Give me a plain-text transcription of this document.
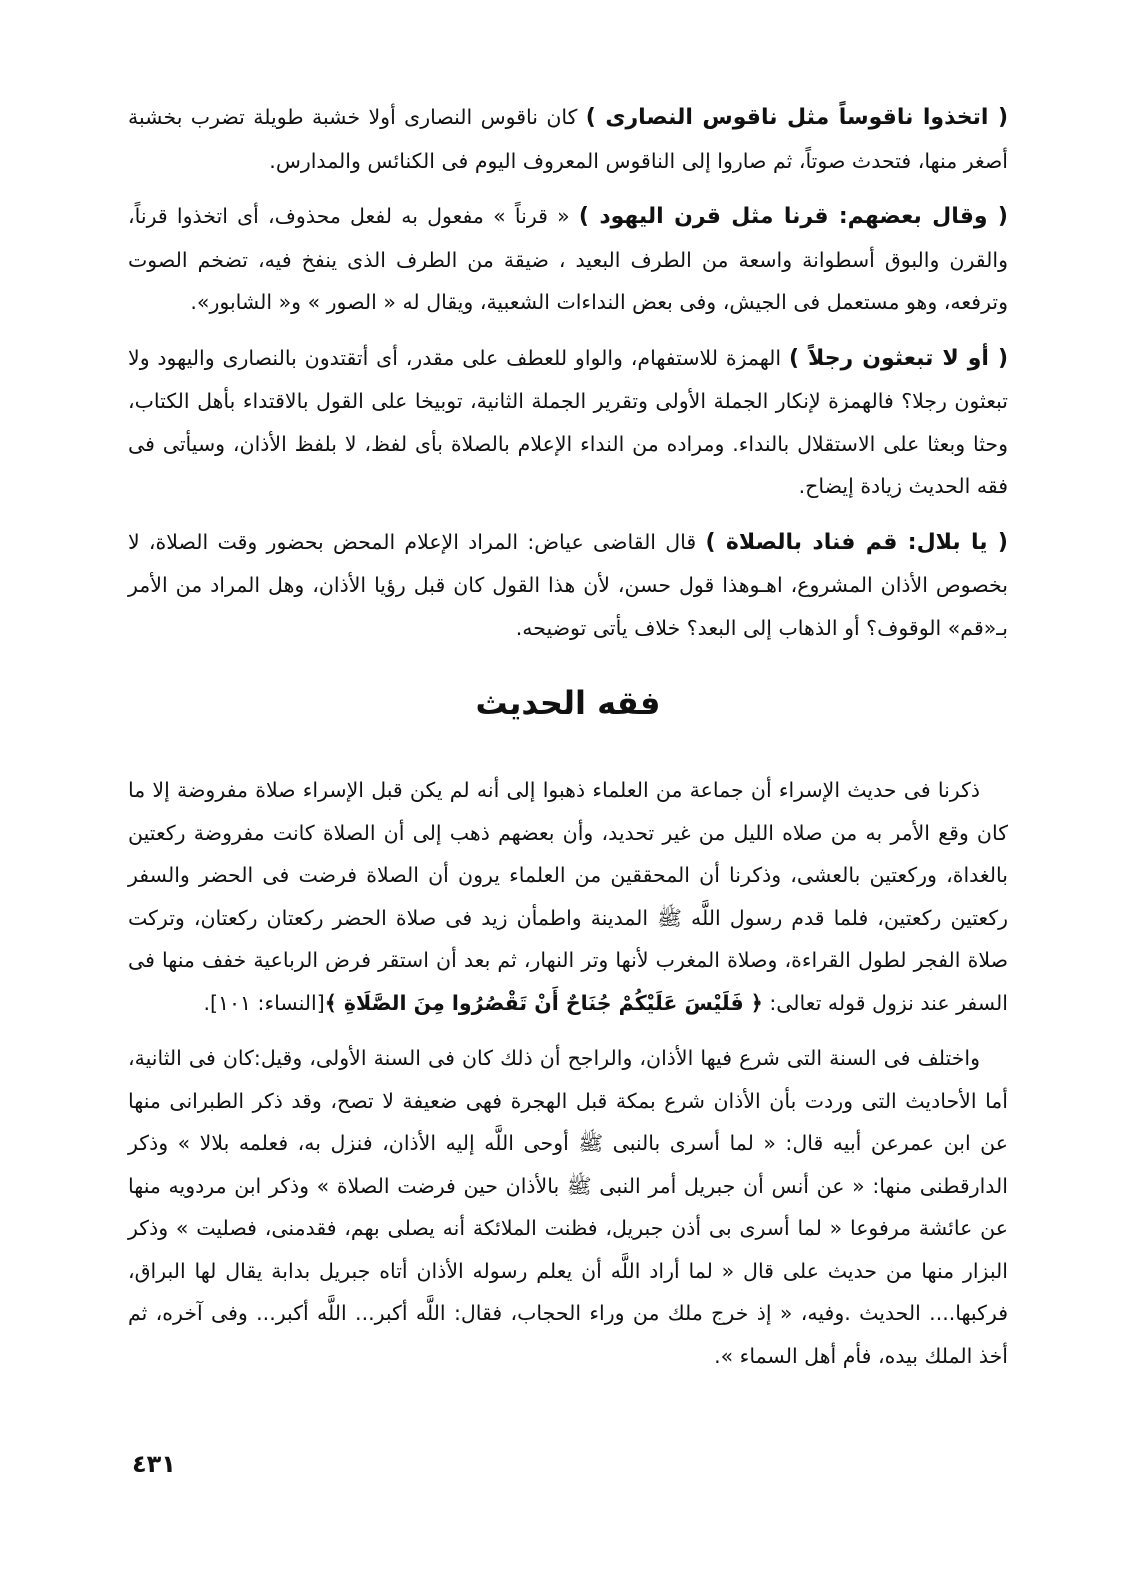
( اتخذوا ناقوساً مثل ناقوس النصارى ) كان ناقوس النصارى أولا خشبة طويلة تضرب بخشبة أصغر منها، فتحدث صوتاً، ثم صاروا إلى الناقوس المعروف اليوم فى الكنائس والمدارس.

( وقال بعضهم: قرنا مثل قرن اليهود ) « قرناً » مفعول به لفعل محذوف، أى اتخذوا قرناً، والقرن والبوق أسطوانة واسعة من الطرف البعيد ، ضيقة من الطرف الذى ينفخ فيه، تضخم الصوت وترفعه، وهو مستعمل فى الجيش، وفى بعض النداءات الشعبية، ويقال له « الصور » و« الشابور».

( أو لا تبعثون رجلاً ) الهمزة للاستفهام، والواو للعطف على مقدر، أى أتقتدون بالنصارى واليهود ولا تبعثون رجلا؟ فالهمزة لإنكار الجملة الأولى وتقرير الجملة الثانية، توبيخا على القول بالاقتداء بأهل الكتاب، وحثا وبعثا على الاستقلال بالنداء. ومراده من النداء الإعلام بالصلاة بأى لفظ، لا بلفظ الأذان، وسيأتى فى فقه الحديث زيادة إيضاح.

( يا بلال: قم فناد بالصلاة ) قال القاضى عياض: المراد الإعلام المحض بحضور وقت الصلاة، لا بخصوص الأذان المشروع، اهـوهذا قول حسن، لأن هذا القول كان قبل رؤيا الأذان، وهل المراد من الأمر بـ«قم» الوقوف؟ أو الذهاب إلى البعد؟ خلاف يأتى توضيحه.

فقه الحديث

ذكرنا فى حديث الإسراء أن جماعة من العلماء ذهبوا إلى أنه لم يكن قبل الإسراء صلاة مفروضة إلا ما كان وقع الأمر به من صلاه الليل من غير تحديد، وأن بعضهم ذهب إلى أن الصلاة كانت مفروضة ركعتين بالغداة، وركعتين بالعشى، وذكرنا أن المحققين من العلماء يرون أن الصلاة فرضت فى الحضر والسفر ركعتين ركعتين، فلما قدم رسول اللَّه ﷺ المدينة واطمأن زيد فى صلاة الحضر ركعتان ركعتان، وتركت صلاة الفجر لطول القراءة، وصلاة المغرب لأنها وتر النهار، ثم بعد أن استقر فرض الرباعية خفف منها فى السفر عند نزول قوله تعالى: ﴿ فَلَيْسَ عَلَيْكُمْ جُنَاحٌ أَنْ تَقْصُرُوا مِنَ الصَّلَاةِ ﴾[النساء: ١٠١].

واختلف فى السنة التى شرع فيها الأذان، والراجح أن ذلك كان فى السنة الأولى، وقيل:كان فى الثانية، أما الأحاديث التى وردت بأن الأذان شرع بمكة قبل الهجرة فهى ضعيفة لا تصح، وقد ذكر الطبرانى منها عن ابن عمرعن أبيه قال: « لما أسرى بالنبى ﷺ أوحى اللَّه إليه الأذان، فنزل به، فعلمه بلالا » وذكر الدارقطنى منها: « عن أنس أن جبريل أمر النبى ﷺ بالأذان حين فرضت الصلاة » وذكر ابن مردويه منها عن عائشة مرفوعا « لما أسرى بى أذن جبريل، فظنت الملائكة أنه يصلى بهم، فقدمنى، فصليت » وذكر البزار منها من حديث على قال « لما أراد اللَّه أن يعلم رسوله الأذان أتاه جبريل بدابة يقال لها البراق، فركبها.... الحديث .وفيه، « إذ خرج ملك من وراء الحجاب، فقال: اللَّه أكبر... اللَّه أكبر... وفى آخره، ثم أخذ الملك بيده، فأم أهل السماء ».

٤٣١
